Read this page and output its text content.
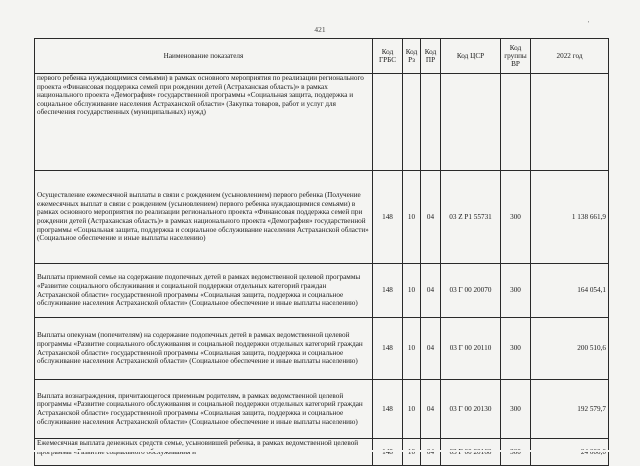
421
'
Наименование показателя	Код ГРБС	Код Рз	Код ПР	Код ЦСР	Код группы ВР	2022 год
первого ребенка нуждающимися семьями) в рамках основного мероприятия по реализации регионального проекта «Финансовая поддержка семей при рождении детей (Астраханская область)» в рамках национального проекта «Демография» государственной программы «Социальная защита, поддержка и социальное обслуживание населения Астраханской области» (Закупка товаров, работ и услуг для обеспечения государственных (муниципальных) нужд)						
Осуществление ежемесячной выплаты в связи с рождением (усыновлением) первого ребенка (Получение ежемесячных выплат в связи с рождением (усыновлением) первого ребенка нуждающимися семьями) в рамках основного мероприятия по реализации регионального проекта «Финансовая поддержка семей при рождении детей (Астраханская область)» в рамках национального проекта «Демография» государственной программы «Социальная защита, поддержка и социальное обслуживание населения Астраханской области» (Социальное обеспечение и иные выплаты населению)	148	10	04	03 Z P1 55731	300	1 138 661,9
Выплаты приемной семье на содержание подопечных детей в рамках ведомственной целевой программы «Развитие социального обслуживания и социальной поддержки отдельных категорий граждан Астраханской области» государственной программы «Социальная защита, поддержка и социальное обслуживание населения Астраханской области» (Социальное обеспечение и иные выплаты населению)	148	10	04	03 Г 00 20070	300	164 054,1
Выплаты опекунам (попечителям) на содержание подопечных детей в рамках ведомственной целевой программы «Развитие социального обслуживания и социальной поддержки отдельных категорий граждан Астраханской области» государственной программы «Социальная защита, поддержка и социальное обслуживание населения Астраханской области» (Социальное обеспечение и иные выплаты населению)	148	10	04	03 Г 00 20110	300	200 510,6
Выплата вознаграждения, причитающегося приемным родителям, в рамках ведомственной целевой программы «Развитие социального обслуживания и социальной поддержки отдельных категорий граждан Астраханской области» государственной программы «Социальная защита, поддержка и социальное обслуживание населения Астраханской области» (Социальное обеспечение и иные выплаты населению)	148	10	04	03 Г 00 20130	300	192 579,7
Ежемесячная выплата денежных средств семье, усыновившей ребенка, в рамках ведомственной целевой						
